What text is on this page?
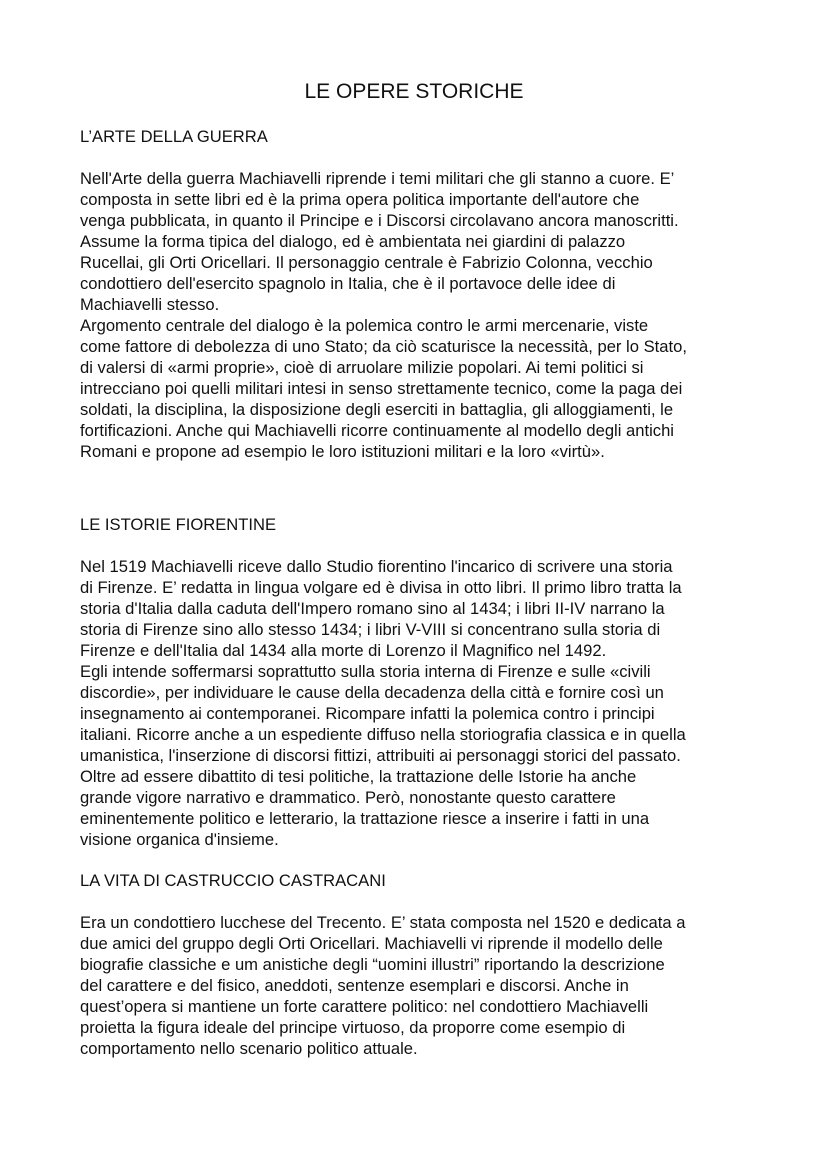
LE OPERE STORICHE
L’ARTE DELLA GUERRA
Nell'Arte della guerra Machiavelli riprende i temi militari che gli stanno a cuore. E’
composta in sette libri ed è la prima opera politica importante dell'autore che
venga pubblicata, in quanto il Principe e i Discorsi circolavano ancora manoscritti.
Assume la forma tipica del dialogo, ed è ambientata nei giardini di palazzo
Rucellai, gli Orti Oricellari. Il personaggio centrale è Fabrizio Colonna, vecchio
condottiero dell'esercito spagnolo in Italia, che è il portavoce delle idee di
Machiavelli stesso.
Argomento centrale del dialogo è la polemica contro le armi mercenarie, viste
come fattore di debolezza di uno Stato; da ciò scaturisce la necessità, per lo Stato,
di valersi di «armi proprie», cioè di arruolare milizie popolari. Ai temi politici si
intrecciano poi quelli militari intesi in senso strettamente tecnico, come la paga dei
soldati, la disciplina, la disposizione degli eserciti in battaglia, gli alloggiamenti, le
fortificazioni. Anche qui Machiavelli ricorre continuamente al modello degli antichi
Romani e propone ad esempio le loro istituzioni militari e la loro «virtù».
LE ISTORIE FIORENTINE
Nel 1519 Machiavelli riceve dallo Studio fiorentino l'incarico di scrivere una storia
di Firenze. E’ redatta in lingua volgare ed è divisa in otto libri. Il primo libro tratta la
storia d'Italia dalla caduta dell'Impero romano sino al 1434; i libri II-IV narrano la
storia di Firenze sino allo stesso 1434; i libri V-VIII si concentrano sulla storia di
Firenze e dell'Italia dal 1434 alla morte di Lorenzo il Magnifico nel 1492.
Egli intende soffermarsi soprattutto sulla storia interna di Firenze e sulle «civili
discordie», per individuare le cause della decadenza della città e fornire così un
insegnamento ai contemporanei. Ricompare infatti la polemica contro i principi
italiani. Ricorre anche a un espediente diffuso nella storiografia classica e in quella
umanistica, l'inserzione di discorsi fittizi, attribuiti ai personaggi storici del passato.
Oltre ad essere dibattito di tesi politiche, la trattazione delle Istorie ha anche
grande vigore narrativo e drammatico. Però, nonostante questo carattere
eminentemente politico e letterario, la trattazione riesce a inserire i fatti in una
visione organica d'insieme.
LA VITA DI CASTRUCCIO CASTRACANI
Era un condottiero lucchese del Trecento. E’ stata composta nel 1520 e dedicata a
due amici del gruppo degli Orti Oricellari. Machiavelli vi riprende il modello delle
biografie classiche e um anistiche degli “uomini illustri” riportando la descrizione
del carattere e del fisico, aneddoti, sentenze esemplari e discorsi. Anche in
quest’opera si mantiene un forte carattere politico: nel condottiero Machiavelli
proietta la figura ideale del principe virtuoso, da proporre come esempio di
comportamento nello scenario politico attuale.
